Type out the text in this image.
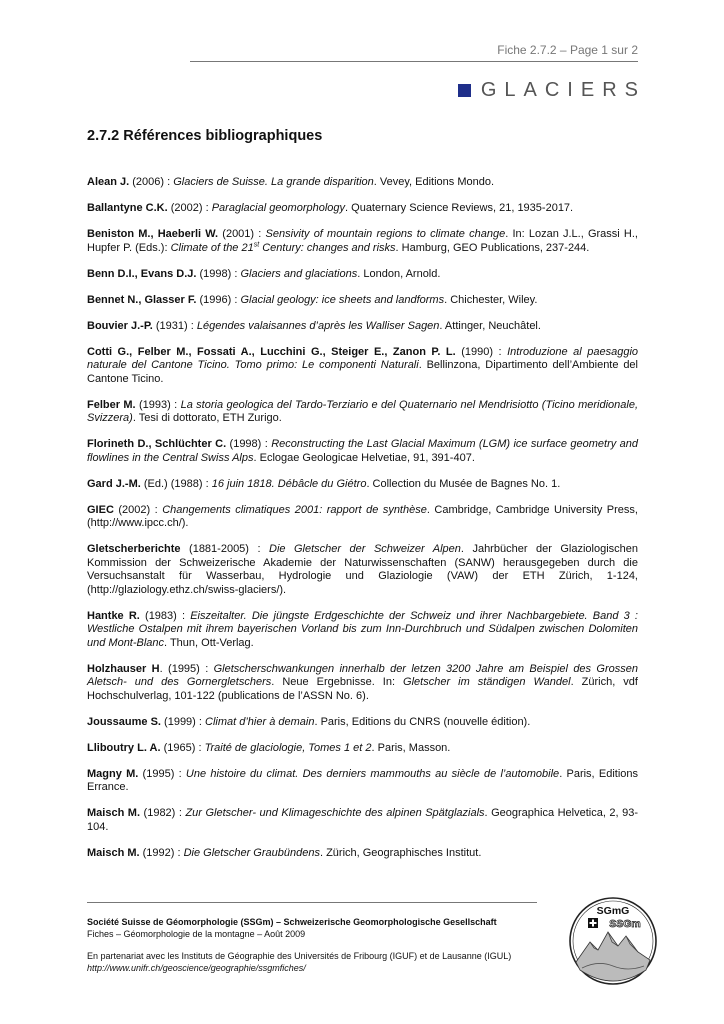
Fiche 2.7.2 – Page 1 sur 2
GLACIERS
2.7.2 Références bibliographiques

Alean J. (2006) : Glaciers de Suisse. La grande disparition. Vevey, Editions Mondo.

Ballantyne C.K. (2002) : Paraglacial geomorphology. Quaternary Science Reviews, 21, 1935-2017.

Beniston M., Haeberli W. (2001) : Sensivity of mountain regions to climate change. In: Lozan J.L., Grassi H., Hupfer P. (Eds.): Climate of the 21st Century: changes and risks. Hamburg, GEO Publications, 237-244.

Benn D.I., Evans D.J. (1998) : Glaciers and glaciations. London, Arnold.

Bennet N., Glasser F. (1996) : Glacial geology: ice sheets and landforms. Chichester, Wiley.

Bouvier J.-P. (1931) : Légendes valaisannes d’après les Walliser Sagen. Attinger, Neuchâtel.

Cotti G., Felber M., Fossati A., Lucchini G., Steiger E., Zanon P. L. (1990) : Introduzione al paesaggio naturale del Cantone Ticino. Tomo primo: Le componenti Naturali. Bellinzona, Dipartimento dell’Ambiente del Cantone Ticino.

Felber M. (1993) : La storia geologica del Tardo-Terziario e del Quaternario nel Mendrisiotto (Ticino meridionale, Svizzera). Tesi di dottorato, ETH Zurigo.

Florineth D., Schlüchter C. (1998) : Reconstructing the Last Glacial Maximum (LGM) ice surface geometry and flowlines in the Central Swiss Alps. Eclogae Geologicae Helvetiae, 91, 391-407.

Gard J.-M. (Ed.) (1988) : 16 juin 1818. Débâcle du Giétro. Collection du Musée de Bagnes No. 1.

GIEC (2002) : Changements climatiques 2001: rapport de synthèse. Cambridge, Cambridge University Press, (http://www.ipcc.ch/).

Gletscherberichte (1881-2005) : Die Gletscher der Schweizer Alpen. Jahrbücher der Glaziologischen Kommission der Schweizerische Akademie der Naturwissenschaften (SANW) herausgegeben durch die Versuchsanstalt für Wasserbau, Hydrologie und Glaziologie (VAW) der ETH Zürich, 1-124, (http://glaziology.ethz.ch/swiss-glaciers/).

Hantke R. (1983) : Eiszeitalter. Die jüngste Erdgeschichte der Schweiz und ihrer Nachbargebiete. Band 3 : Westliche Ostalpen mit ihrem bayerischen Vorland bis zum Inn-Durchbruch und Südalpen zwischen Dolomiten und Mont-Blanc. Thun, Ott-Verlag.

Holzhauser H. (1995) : Gletscherschwankungen innerhalb der letzen 3200 Jahre am Beispiel des Grossen Aletsch- und des Gornergletschers. Neue Ergebnisse. In: Gletscher im ständigen Wandel. Zürich, vdf Hochschulverlag, 101-122 (publications de l’ASSN No. 6).

Joussaume S. (1999) : Climat d’hier à demain. Paris, Editions du CNRS (nouvelle édition).

Lliboutry L. A. (1965) : Traité de glaciologie, Tomes 1 et 2. Paris, Masson.

Magny M. (1995) : Une histoire du climat. Des derniers mammouths au siècle de l’automobile. Paris, Editions Errance.

Maisch M. (1982) : Zur Gletscher- und Klimageschichte des alpinen Spätglazials. Geographica Helvetica, 2, 93-104.

Maisch M. (1992) : Die Gletscher Graubündens. Zürich, Geographisches Institut.

Société Suisse de Géomorphologie (SSGm) – Schweizerische Geomorphologische Gesellschaft
Fiches – Géomorphologie de la montagne – Août 2009
En partenariat avec les Instituts de Géographie des Universités de Fribourg (IGUF) et de Lausanne (IGUL)
http://www.unifr.ch/geoscience/geographie/ssgmfiches/
SGmG
SSGm
